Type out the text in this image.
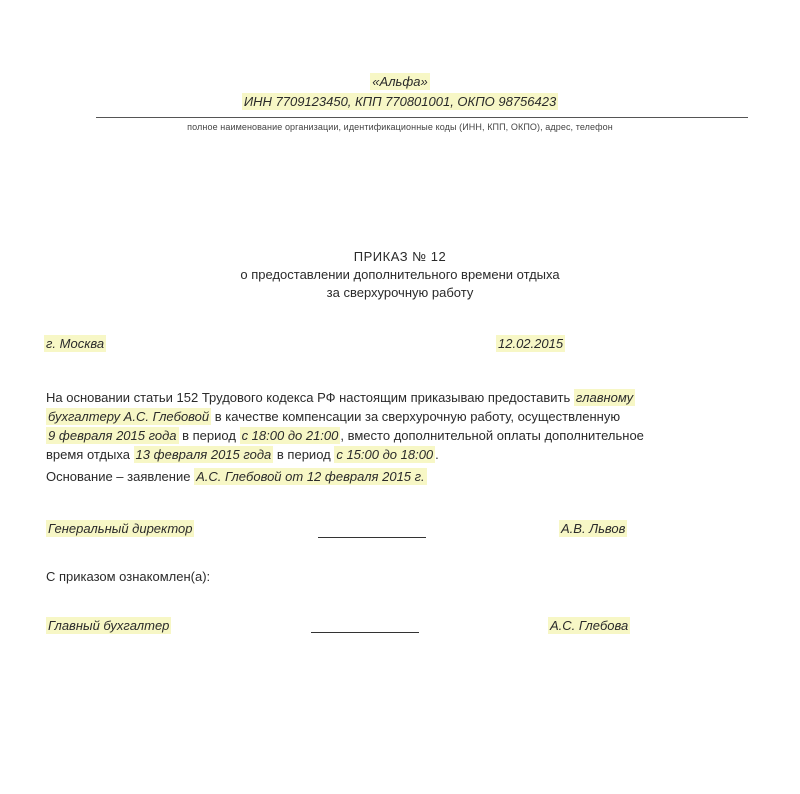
«Альфа»
ИНН 7709123450, КПП 770801001, ОКПО 98756423
полное наименование организации, идентификационные коды (ИНН, КПП, ОКПО), адрес, телефон
ПРИКАЗ № 12
о предоставлении дополнительного времени отдыха
за сверхурочную работу
г. Москва	12.02.2015
На основании статьи 152 Трудового кодекса РФ настоящим приказываю предоставить главному
бухгалтеру А.С. Глебовой в качестве компенсации за сверхурочную работу, осуществленную
9 февраля 2015 года в период с 18:00 до 21:00 , вместо дополнительной оплаты дополнительное
время отдыха 13 февраля 2015 года в период с 15:00 до 18:00 .
Основание – заявление А.С. Глебовой от 12 февраля 2015 г.
Генеральный директор	А.В. Львов
С приказом ознакомлен(а):
Главный бухгалтер	А.С. Глебова
